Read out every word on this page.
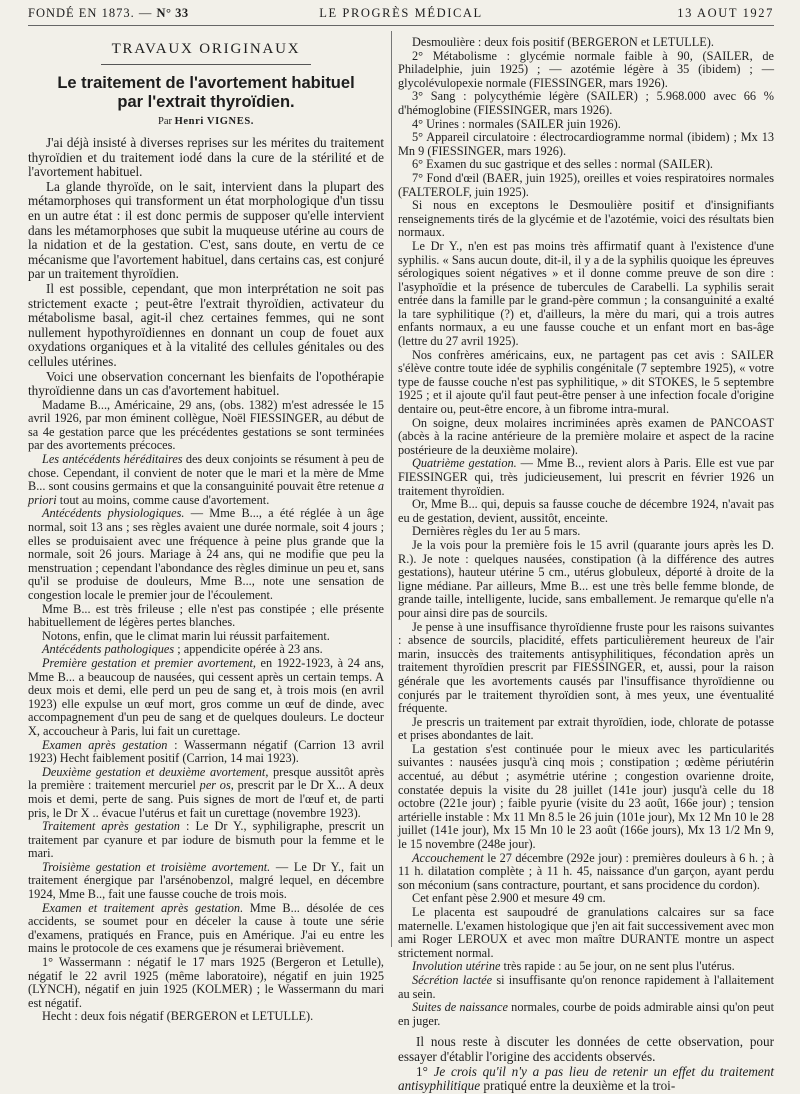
FONDÉ EN 1873. — N° 33	LE PROGRÈS MÉDICAL	13 AOUT 1927
TRAVAUX ORIGINAUX
Le traitement de l'avortement habituel
par l'extrait thyroïdien.
Par Henri VIGNES.

J'ai déjà insisté à diverses reprises sur les mérites du traitement thyroïdien et du traitement iodé dans la cure de la stérilité et de l'avortement habituel.

La glande thyroïde, on le sait, intervient dans la plupart des métamorphoses qui transforment un état morphologique d'un tissu en un autre état : il est donc permis de supposer qu'elle intervient dans les métamorphoses que subit la muqueuse utérine au cours de la nidation et de la gestation. C'est, sans doute, en vertu de ce mécanisme que l'avortement habituel, dans certains cas, est conjuré par un traitement thyroïdien.

Il est possible, cependant, que mon interprétation ne soit pas strictement exacte ; peut-être l'extrait thyroïdien, activateur du métabolisme basal, agit-il chez certaines femmes, qui ne sont nullement hypothyroïdiennes en donnant un coup de fouet aux oxydations organiques et à la vitalité des cellules génitales ou des cellules utérines.

Voici une observation concernant les bienfaits de l'opothérapie thyroïdienne dans un cas d'avortement habituel.

Madame B..., Américaine, 29 ans, (obs. 1382) m'est adressée le 15 avril 1926, par mon éminent collègue, Noël FIESSINGER, au début de sa 4e gestation parce que les précédentes gestations se sont terminées par des avortements précoces.

Les antécédents héréditaires des deux conjoints se résument à peu de chose. Cependant, il convient de noter que le mari et la mère de Mme B... sont cousins germains et que la consanguinité pouvait être retenue a priori tout au moins, comme cause d'avortement.

Antécédents physiologiques. — Mme B..., a été réglée à un âge normal, soit 13 ans ; ses règles avaient une durée normale, soit 4 jours ; elles se produisaient avec une fréquence à peine plus grande que la normale, soit 26 jours. Mariage à 24 ans, qui ne modifie que peu la menstruation ; cependant l'abondance des règles diminue un peu et, sans qu'il se produise de douleurs, Mme B..., note une sensation de congestion locale le premier jour de l'écoulement.

Mme B... est très frileuse ; elle n'est pas constipée ; elle présente habituellement de légères pertes blanches.

Notons, enfin, que le climat marin lui réussit parfaitement.

Antécédents pathologiques ; appendicite opérée à 23 ans.

Première gestation et premier avortement, en 1922-1923, à 24 ans, Mme B... a beaucoup de nausées, qui cessent après un certain temps. A deux mois et demi, elle perd un peu de sang et, à trois mois (en avril 1923) elle expulse un œuf mort, gros comme un œuf de dinde, avec accompagnement d'un peu de sang et de quelques douleurs. Le docteur X, accoucheur à Paris, lui fait un curettage.

Examen après gestation : Wassermann négatif (Carrion 13 avril 1923) Hecht faiblement positif (Carrion, 14 mai 1923).

Deuxième gestation et deuxième avortement, presque aussitôt après la première : traitement mercuriel per os, prescrit par le Dr X... A deux mois et demi, perte de sang. Puis signes de mort de l'œuf et, de parti pris, le Dr X .. évacue l'utérus et fait un curettage (novembre 1923).

Traitement après gestation : Le Dr Y., syphiligraphe, prescrit un traitement par cyanure et par iodure de bismuth pour la femme et le mari.

Troisième gestation et troisième avortement. — Le Dr Y., fait un traitement énergique par l'arsénobenzol, malgré lequel, en décembre 1924, Mme B.., fait une fausse couche de trois mois.

Examen et traitement après gestation. Mme B... désolée de ces accidents, se soumet pour en déceler la cause à toute une série d'examens, pratiqués en France, puis en Amérique. J'ai eu entre les mains le protocole de ces examens que je résumerai brièvement.

1° Wassermann : négatif le 17 mars 1925 (Bergeron et Letulle), négatif le 22 avril 1925 (même laboratoire), négatif en juin 1925 (LYNCH), négatif en juin 1925 (KOLMER) ; le Wassermann du mari est négatif.

Hecht : deux fois négatif (BERGERON et LETULLE).

Desmoulière : deux fois positif (BERGERON et LETULLE).

2° Métabolisme : glycémie normale faible à 90, (SAILER, de Philadelphie, juin 1925) ; — azotémie légère à 35 (ibidem) ; — glycolévulopexie normale (FIESSINGER, mars 1926).

3° Sang : polycythémie légère (SAILER) ; 5.968.000 avec 66 % d'hémoglobine (FIESSINGER, mars 1926).

4° Urines : normales (SAILER juin 1926).

5° Appareil circulatoire : électrocardiogramme normal (ibidem) ; Mx 13 Mn 9 (FIESSINGER, mars 1926).

6° Examen du suc gastrique et des selles : normal (SAILER).

7° Fond d'œil (BAER, juin 1925), oreilles et voies respiratoires normales (FALTEROLF, juin 1925).

Si nous en exceptons le Desmoulière positif et d'insignifiants renseignements tirés de la glycémie et de l'azotémie, voici des résultats bien normaux.

Le Dr Y., n'en est pas moins très affirmatif quant à l'existence d'une syphilis. « Sans aucun doute, dit-il, il y a de la syphilis quoique les épreuves sérologiques soient négatives » et il donne comme preuve de son dire : l'asyphoïdie et la présence de tubercules de Carabelli. La syphilis serait entrée dans la famille par le grand-père commun ; la consanguinité a exalté la tare syphilitique (?) et, d'ailleurs, la mère du mari, qui a trois autres enfants normaux, a eu une fausse couche et un enfant mort en bas-âge (lettre du 27 avril 1925).

Nos confrères américains, eux, ne partagent pas cet avis : SAILER s'élève contre toute idée de syphilis congénitale (7 septembre 1925), « votre type de fausse couche n'est pas syphilitique, » dit STOKES, le 5 septembre 1925 ; et il ajoute qu'il faut peut-être penser à une infection focale d'origine dentaire ou, peut-être encore, à un fibrome intra-mural.

On soigne, deux molaires incriminées après examen de PANCOAST (abcès à la racine antérieure de la première molaire et aspect de la racine postérieure de la deuxième molaire).

Quatrième gestation. — Mme B.., revient alors à Paris. Elle est vue par FIESSINGER qui, très judicieusement, lui prescrit en février 1926 un traitement thyroïdien.

Or, Mme B... qui, depuis sa fausse couche de décembre 1924, n'avait pas eu de gestation, devient, aussitôt, enceinte.

Dernières règles du 1er au 5 mars.

Je la vois pour la première fois le 15 avril (quarante jours après les D. R.). Je note : quelques nausées, constipation (à la différence des autres gestations), hauteur utérine 5 cm., utérus globuleux, déporté à droite de la ligne médiane. Par ailleurs, Mme B... est une très belle femme blonde, de grande taille, intelligente, lucide, sans emballement. Je remarque qu'elle n'a pour ainsi dire pas de sourcils.

Je pense à une insuffisance thyroïdienne fruste pour les raisons suivantes : absence de sourcils, placidité, effets particulièrement heureux de l'air marin, insuccès des traitements antisyphilitiques, fécondation après un traitement thyroïdien prescrit par FIESSINGER, et, aussi, pour la raison générale que les avortements causés par l'insuffisance thyroïdienne ou conjurés par le traitement thyroïdien sont, à mes yeux, une éventualité fréquente.

Je prescris un traitement par extrait thyroïdien, iode, chlorate de potasse et prises abondantes de lait.

La gestation s'est continuée pour le mieux avec les particularités suivantes : nausées jusqu'à cinq mois ; constipation ; œdème périutérin accentué, au début ; asymétrie utérine ; congestion ovarienne droite, constatée depuis la visite du 28 juillet (141e jour) jusqu'à celle du 18 octobre (221e jour) ; faible pyurie (visite du 23 août, 166e jour) ; tension artérielle instable : Mx 11 Mn 8.5 le 26 juin (101e jour), Mx 12 Mn 10 le 28 juillet (141e jour), Mx 15 Mn 10 le 23 août (166e jours), Mx 13 1/2 Mn 9, le 15 novembre (248e jour).

Accouchement le 27 décembre (292e jour) : premières douleurs à 6 h. ; à 11 h. dilatation complète ; à 11 h. 45, naissance d'un garçon, ayant perdu son méconium (sans contracture, pourtant, et sans procidence du cordon).

Cet enfant pèse 2.900 et mesure 49 cm.

Le placenta est saupoudré de granulations calcaires sur sa face maternelle. L'examen histologique que j'en ait fait successivement avec mon ami Roger LEROUX et avec mon maître DURANTE montre un aspect strictement normal.

Involution utérine très rapide : au 5e jour, on ne sent plus l'utérus.

Sécrétion lactée si insuffisante qu'on renonce rapidement à l'allaitement au sein.

Suites de naissance normales, courbe de poids admirable ainsi qu'on peut en juger.

Il nous reste à discuter les données de cette observation, pour essayer d'établir l'origine des accidents observés.

1° Je crois qu'il n'y a pas lieu de retenir un effet du traitement antisyphilitique pratiqué entre la deuxième et la troi-
